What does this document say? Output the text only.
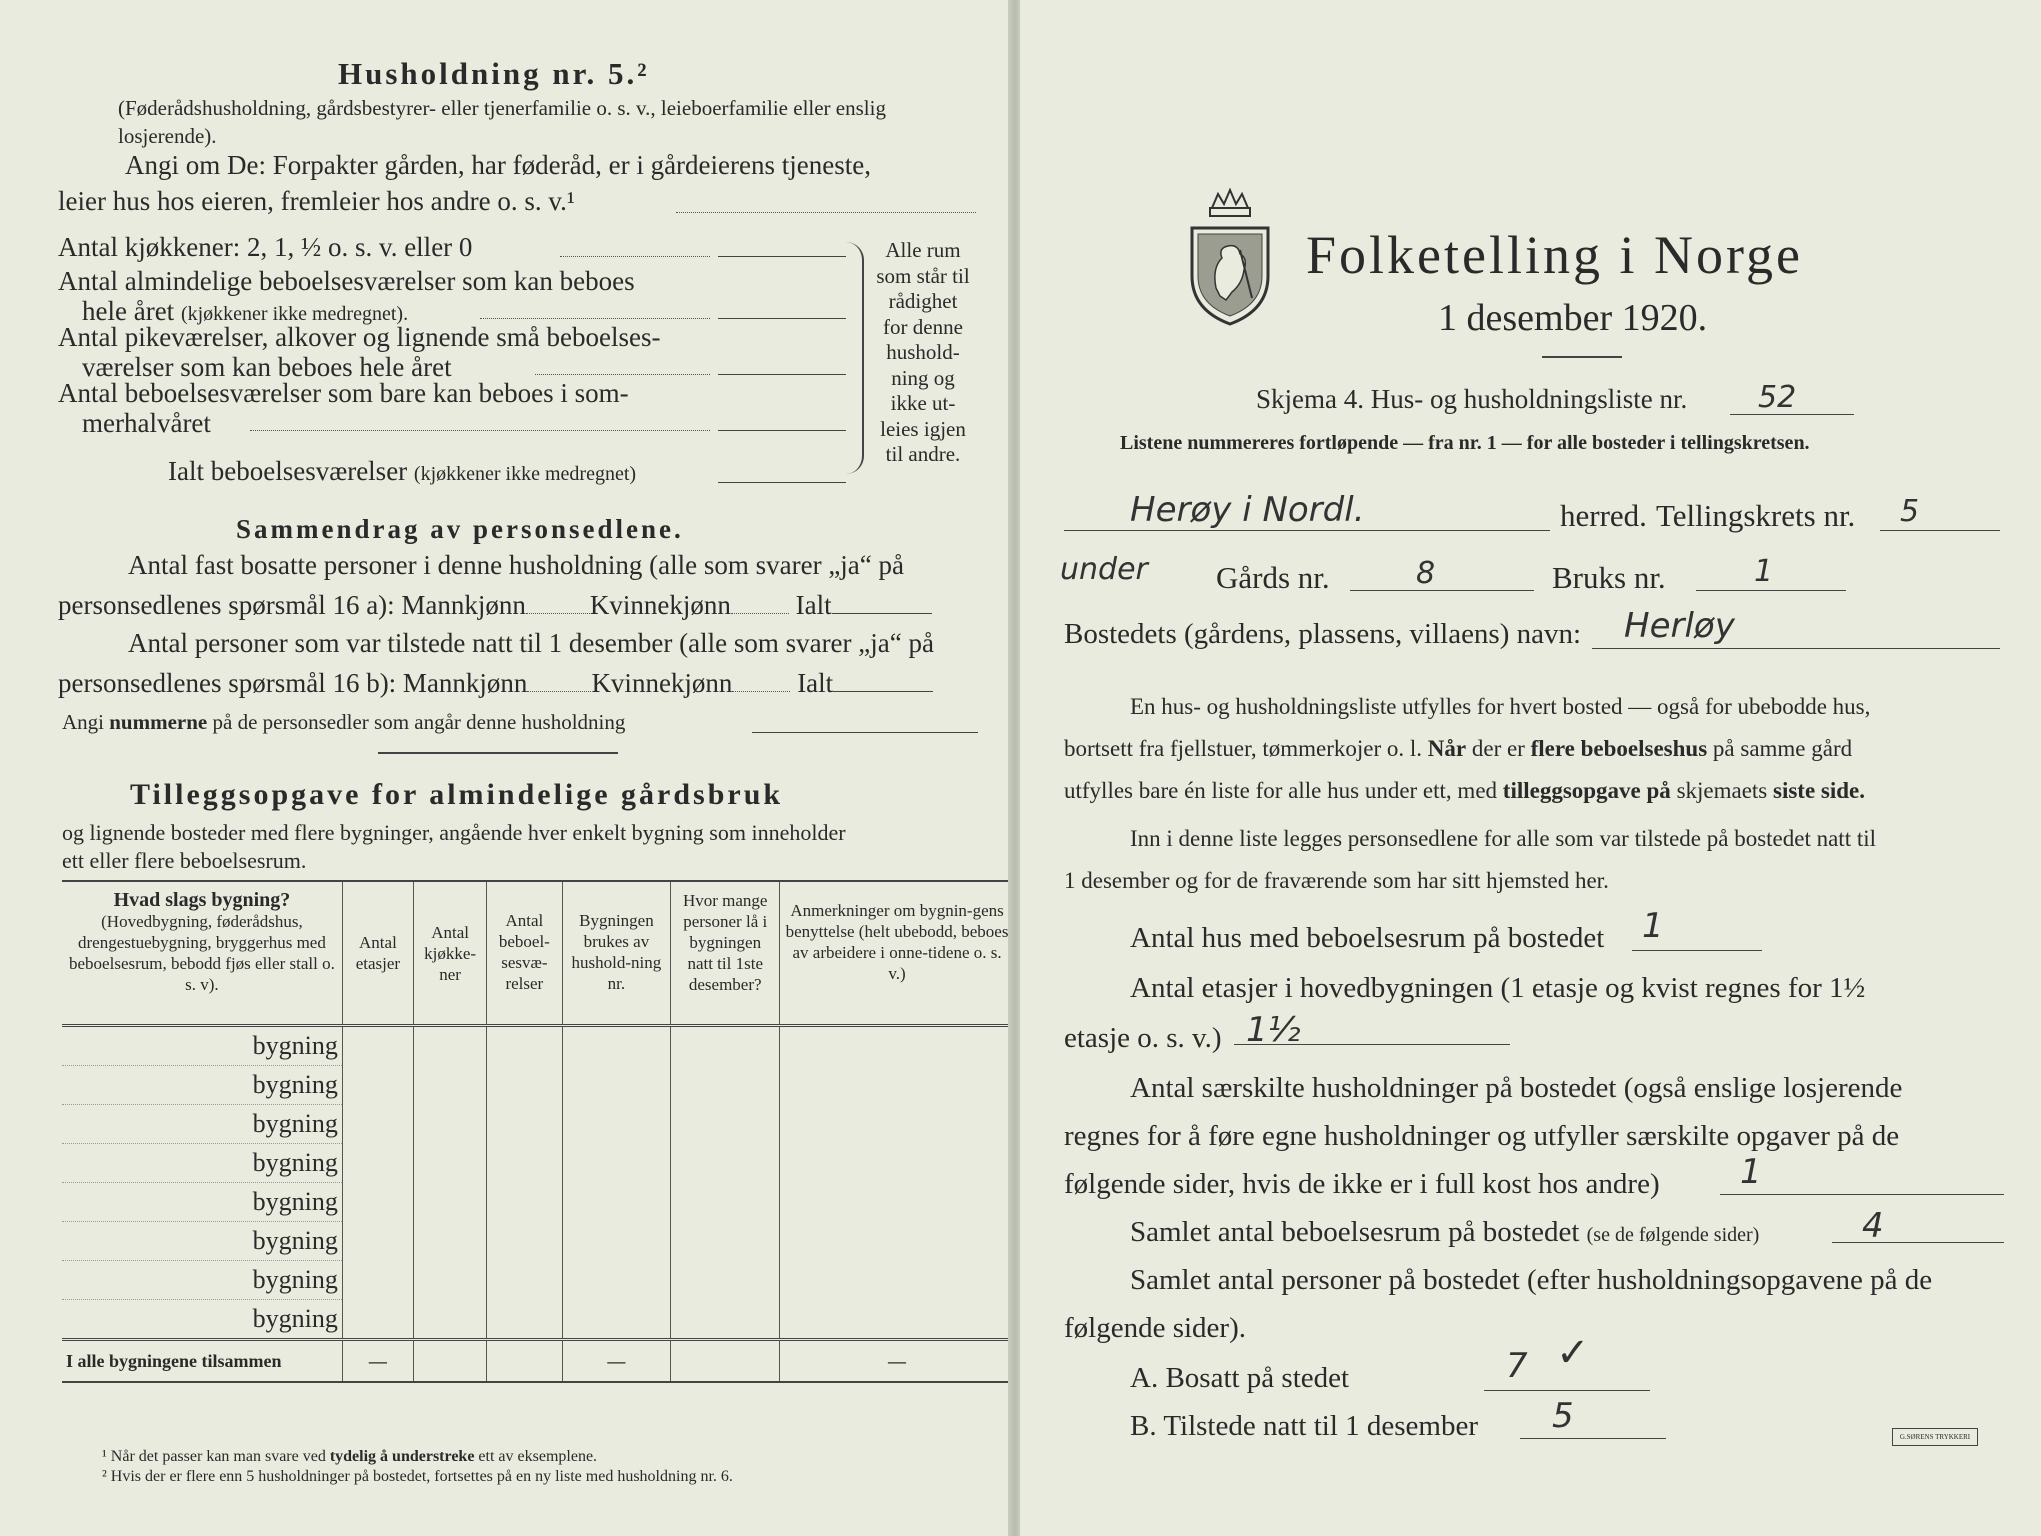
Husholdning nr. 5.²
(Føderådshusholdning, gårdsbestyrer- eller tjenerfamilie o. s. v., leieboerfamilie eller enslig losjerende).
Angi om De: Forpakter gården, har føderåd, er i gårdeierens tjeneste,
leier hus hos eieren, fremleier hos andre o. s. v.¹
Antal kjøkkener: 2, 1, ½ o. s. v. eller 0
Antal almindelige beboelsesværelser som kan beboes
hele året (kjøkkener ikke medregnet).
Antal pikeværelser, alkover og lignende små beboelses-
værelser som kan beboes hele året
Antal beboelsesværelser som bare kan beboes i som-
merhalvåret
Ialt beboelsesværelser (kjøkkener ikke medregnet)
Alle rum
som står til
rådighet
for denne
hushold-
ning og
ikke ut-
leies igjen
til andre.
Sammendrag av personsedlene.
Antal fast bosatte personer i denne husholdning (alle som svarer „ja“ på
personsedlenes spørsmål 16 a): Mannkjønn Kvinnekjønn Ialt
Antal personer som var tilstede natt til 1 desember (alle som svarer „ja“ på
personsedlenes spørsmål 16 b): Mannkjønn Kvinnekjønn Ialt
Angi nummerne på de personsedler som angår denne husholdning
Tilleggsopgave for almindelige gårdsbruk
og lignende bosteder med flere bygninger, angående hver enkelt bygning som inneholder
ett eller flere beboelsesrum.
Hvad slags bygning?
(Hovedbygning, føderådshus, drengestuebygning, bryggerhus med beboelsesrum, bebodd fjøs eller stall o. s. v).	Antal etasjer	Antal kjøkke-ner	Antal beboel-sesvæ-relser	Bygningen brukes av hushold-ning nr.	Hvor mange personer lå i bygningen natt til 1ste desember?	Anmerkninger om bygnin-gens benyttelse (helt ubebodd, beboes av arbeidere i onne-tidene o. s. v.)
bygning						
bygning						
bygning						
bygning						
bygning						
bygning						
bygning						
bygning						
I alle bygningene tilsammen	—			—		—
¹ Når det passer kan man svare ved tydelig å understreke ett av eksemplene.
² Hvis der er flere enn 5 husholdninger på bostedet, fortsettes på en ny liste med husholdning nr. 6.
Folketelling i Norge
1 desember 1920.
Skjema 4. Hus- og husholdningsliste nr. 52
Listene nummereres fortløpende — fra nr. 1 — for alle bosteder i tellingskretsen.
Herøy i Nordl.	herred. Tellingskrets nr. 5
under Gårds nr.	8	Bruks nr.	1
Bostedets (gårdens, plassens, villaens) navn: Herløy
En hus- og husholdningsliste utfylles for hvert bosted — også for ubebodde hus,
bortsett fra fjellstuer, tømmerkojer o. l. Når der er flere beboelseshus på samme gård
utfylles bare én liste for alle hus under ett, med tilleggsopgave på skjemaets siste side.
Inn i denne liste legges personsedlene for alle som var tilstede på bostedet natt til
1 desember og for de fraværende som har sitt hjemsted her.
Antal hus med beboelsesrum på bostedet 1
Antal etasjer i hovedbygningen (1 etasje og kvist regnes for 1½
etasje o. s. v.) 1½
Antal særskilte husholdninger på bostedet (også enslige losjerende
regnes for å føre egne husholdninger og utfyller særskilte opgaver på de
følgende sider, hvis de ikke er i full kost hos andre) 1
Samlet antal beboelsesrum på bostedet (se de følgende sider)	4
Samlet antal personer på bostedet (efter husholdningsopgavene på de
følgende sider).
A. Bosatt på stedet	7 ✓
B. Tilstede natt til 1 desember 5
G.SØRENS TRYKKERI
